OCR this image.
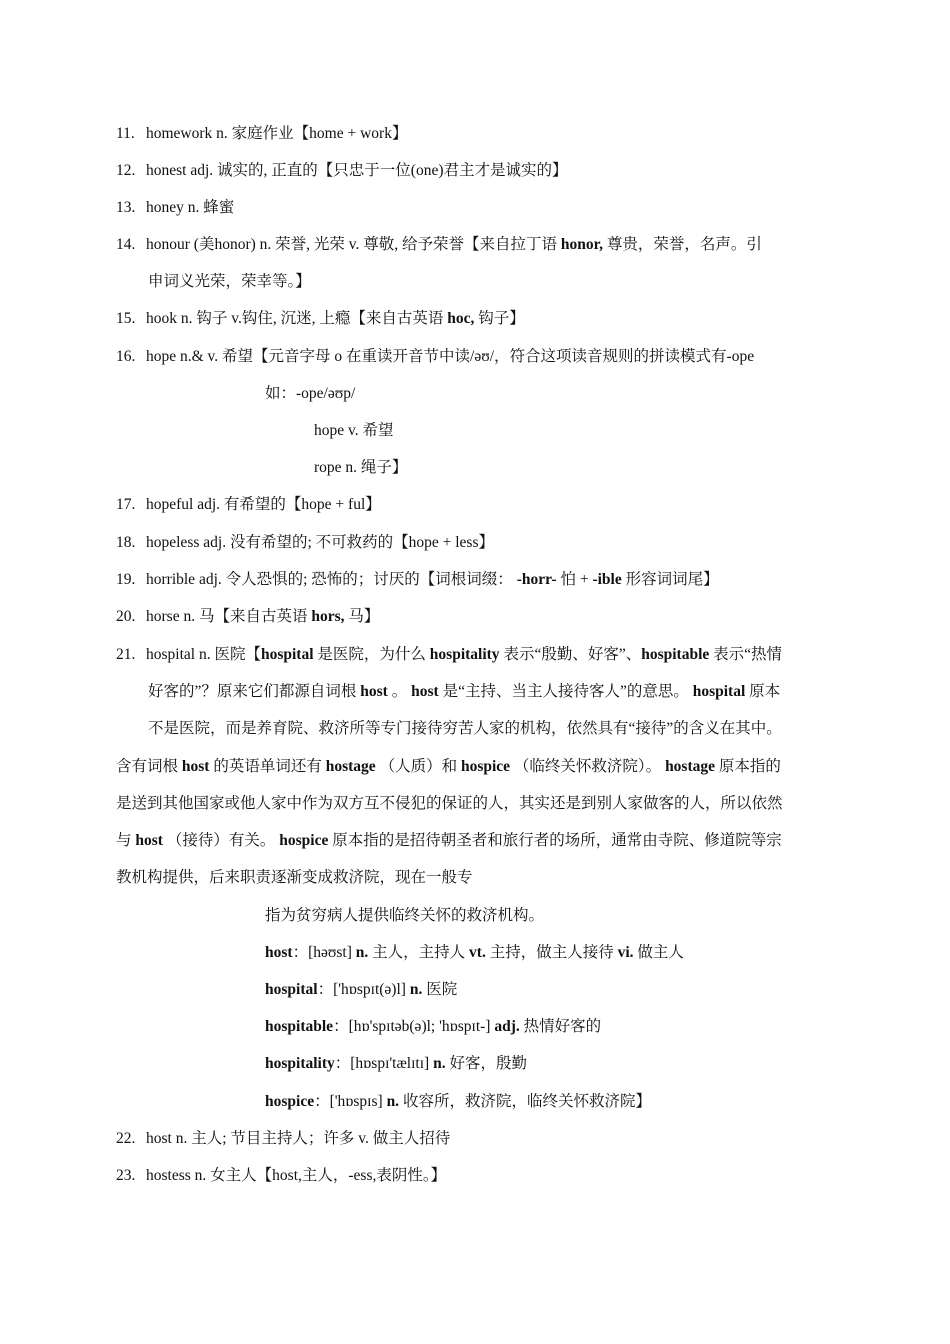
11. homework n. 家庭作业【home + work】
12. honest adj. 诚实的, 正直的【只忠于一位(one)君主才是诚实的】
13. honey n. 蜂蜜
14. honour (美honor) n. 荣誉, 光荣 v. 尊敬, 给予荣誉【来自拉丁语 honor, 尊贵，荣誉，名声。引
申词义光荣，荣幸等。】
15. hook n. 钩子 v.钩住, 沉迷, 上瘾【来自古英语 hoc, 钩子】
16. hope n.& v. 希望【元音字母 o 在重读开音节中读/əʊ/，符合这项读音规则的拼读模式有-ope
如：-ope/əʊp/
hope v. 希望
rope n. 绳子】
17. hopeful adj. 有希望的【hope + ful】
18. hopeless adj. 没有希望的; 不可救药的【hope + less】
19. horrible adj. 令人恐惧的; 恐怖的；讨厌的【词根词缀： -horr- 怕 + -ible 形容词词尾】
20. horse n. 马【来自古英语 hors, 马】
21. hospital n. 医院【hospital 是医院，为什么 hospitality 表示“殷勤、好客”、hospitable 表示“热情
好客的”？原来它们都源自词根 host 。 host 是“主持、当主人接待客人”的意思。 hospital 原本
不是医院，而是养育院、救济所等专门接待穷苦人家的机构，依然具有“接待”的含义在其中。
含有词根 host 的英语单词还有 hostage （人质）和 hospice （临终关怀救济院）。 hostage 原本指的
是送到其他国家或他人家中作为双方互不侵犯的保证的人，其实还是到别人家做客的人，所以依然
与 host （接待）有关。 hospice 原本指的是招待朝圣者和旅行者的场所，通常由寺院、修道院等宗
教机构提供，后来职责逐渐变成救济院，现在一般专
指为贫穷病人提供临终关怀的救济机构。
host：[həʊst] n. 主人，主持人 vt. 主持，做主人接待 vi. 做主人
hospital：['hɒspɪt(ə)l] n. 医院
hospitable：[hɒ'spɪtəb(ə)l; 'hɒspɪt-] adj. 热情好客的
hospitality：[hɒspɪ'tælɪtɪ] n. 好客，殷勤
hospice：['hɒspɪs] n. 收容所，救济院，临终关怀救济院】
22. host n. 主人; 节目主持人；许多 v. 做主人招待
23. hostess n. 女主人【host,主人，-ess,表阴性。】
